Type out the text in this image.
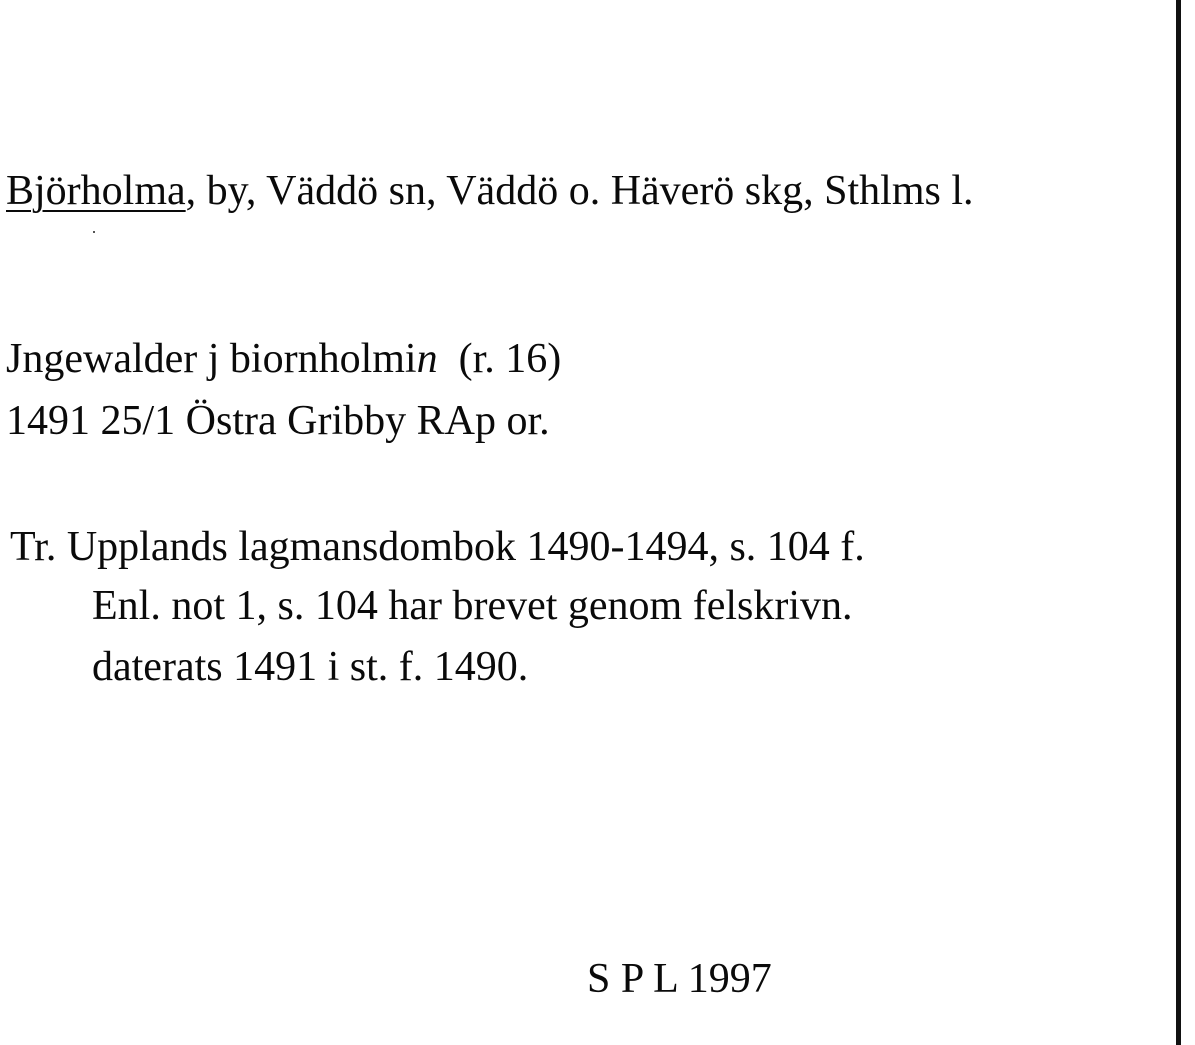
Björholma, by, Väddö sn, Väddö o. Häverö skg, Sthlms l.
Jngewalder j biornholmin (r. 16)
1491 25/1 Östra Gribby RAp or.
Tr. Upplands lagmansdombok 1490-1494, s. 104 f.
Enl. not 1, s. 104 har brevet genom felskrivn.
daterats 1491 i st. f. 1490.
S P L 1997
